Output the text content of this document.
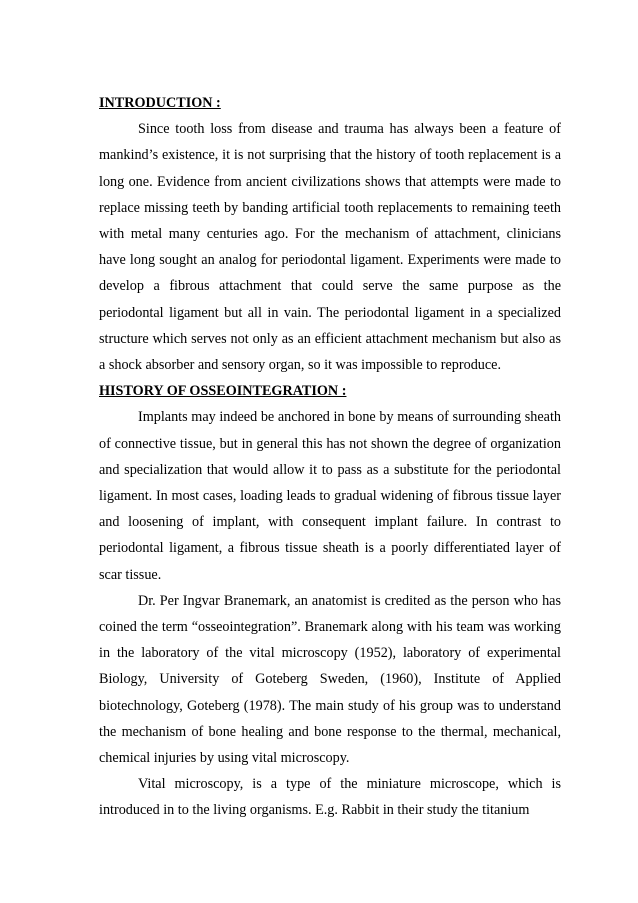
INTRODUCTION :

Since tooth loss from disease and trauma has always been a feature of mankind’s existence, it is not surprising that the history of tooth replacement is a long one. Evidence from ancient civilizations shows that attempts were made to replace missing teeth by banding artificial tooth replacements to remaining teeth with metal many centuries ago. For the mechanism of attachment, clinicians have long sought an analog for periodontal ligament. Experiments were made to develop a fibrous attachment that could serve the same purpose as the periodontal ligament but all in vain. The periodontal ligament in a specialized structure which serves not only as an efficient attachment mechanism but also as a shock absorber and sensory organ, so it was impossible to reproduce.

HISTORY OF OSSEOINTEGRATION :

Implants may indeed be anchored in bone by means of surrounding sheath of connective tissue, but in general this has not shown the degree of organization and specialization that would allow it to pass as a substitute for the periodontal ligament. In most cases, loading leads to gradual widening of fibrous tissue layer and loosening of implant, with consequent implant failure. In contrast to periodontal ligament, a fibrous tissue sheath is a poorly differentiated layer of scar tissue.

Dr. Per Ingvar Branemark, an anatomist is credited as the person who has coined the term “osseointegration”. Branemark along with his team was working in the laboratory of the vital microscopy (1952), laboratory of experimental Biology, University of Goteberg Sweden, (1960), Institute of Applied biotechnology, Goteberg (1978). The main study of his group was to understand the mechanism of bone healing and bone response to the thermal, mechanical, chemical injuries by using vital microscopy.

Vital microscopy, is a type of the miniature microscope, which is introduced in to the living organisms. E.g. Rabbit in their study the titanium
